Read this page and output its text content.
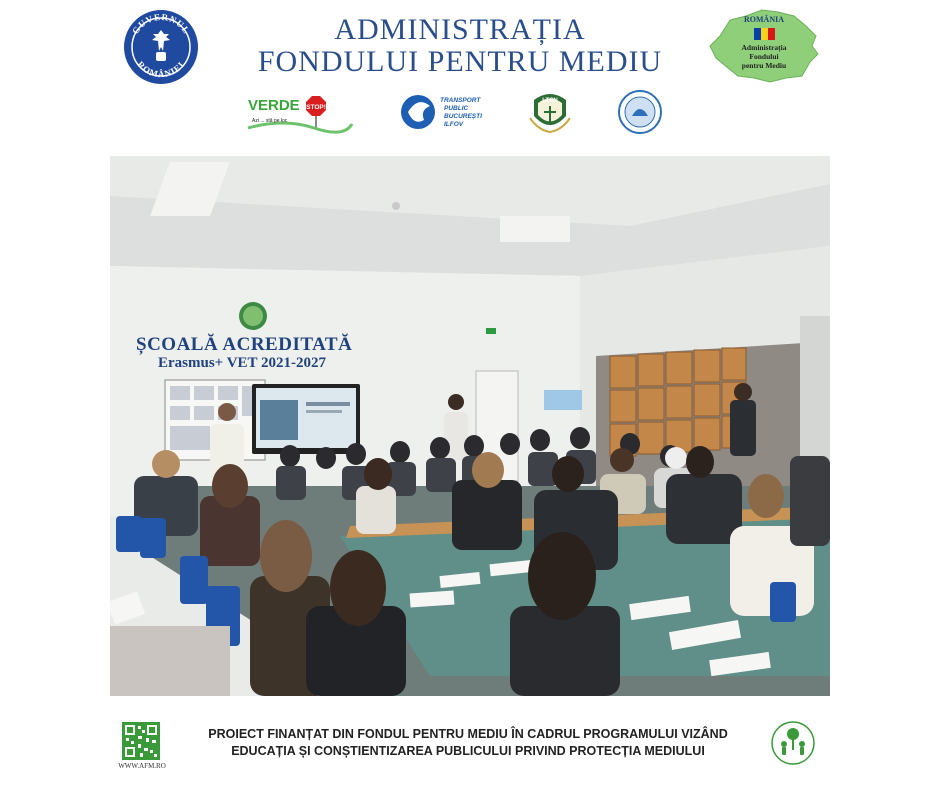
GUVERNUL
ROMÂNIEI
ADMINISTRAȚIA
FONDULUI PENTRU MEDIU
ROMÂNIA
Administrația
Fondului
pentru Mediu
VERDE STOP!
Azi ... stă pe loc
TRANSPORT
PUBLIC
BUCUREȘTI
ILFOV
LTCN
ȘCOALĂ ACREDITATĂ
Erasmus+ VET 2021-2027
WWW.AFM.RO
PROIECT FINANȚAT DIN FONDUL PENTRU MEDIU ÎN CADRUL PROGRAMULUI VIZÂND
EDUCAȚIA ȘI CONȘTIENTIZAREA PUBLICULUI PRIVIND PROTECȚIA MEDIULUI
